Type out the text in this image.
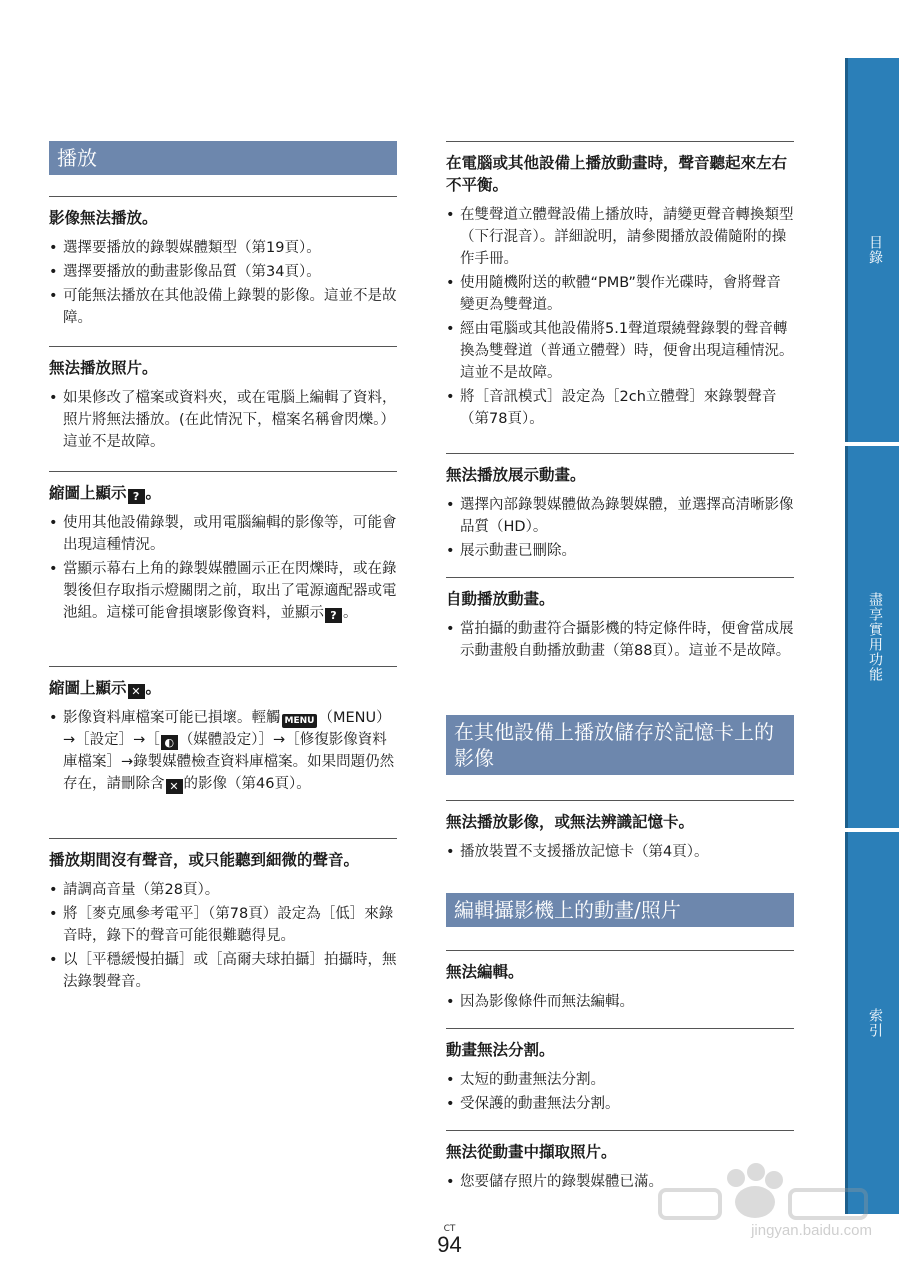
播放
影像無法播放。
• 選擇要播放的錄製媒體類型（第19頁）。
• 選擇要播放的動畫影像品質（第34頁）。
• 可能無法播放在其他設備上錄製的影像。這並不是故障。
無法播放照片。
• 如果修改了檔案或資料夾，或在電腦上編輯了資料，照片將無法播放。(在此情況下，檔案名稱會閃爍。）這並不是故障。
縮圖上顯示 ? 。
• 使用其他設備錄製，或用電腦編輯的影像等，可能會出現這種情況。
• 當顯示幕右上角的錄製媒體圖示正在閃爍時，或在錄製後但存取指示燈關閉之前，取出了電源適配器或電池組。這樣可能會損壞影像資料，並顯示 ? 。
縮圖上顯示 ✕ 。
• 影像資料庫檔案可能已損壞。輕觸 MENU （MENU）→［設定］→［ ◐ （媒體設定）］→［修復影像資料庫檔案］→錄製媒體檢查資料庫檔案。如果問題仍然存在，請刪除含 ✕ 的影像（第46頁）。
播放期間沒有聲音，或只能聽到細微的聲音。
• 請調高音量（第28頁）。
• 將［麥克風參考電平］（第78頁）設定為［低］來錄音時，錄下的聲音可能很難聽得見。
• 以［平穩緩慢拍攝］或［高爾夫球拍攝］拍攝時，無法錄製聲音。
在電腦或其他設備上播放動畫時，聲音聽起來左右不平衡。
• 在雙聲道立體聲設備上播放時，請變更聲音轉換類型（下行混音）。詳細說明，請參閱播放設備隨附的操作手冊。
• 使用隨機附送的軟體“PMB”製作光碟時，會將聲音變更為雙聲道。
• 經由電腦或其他設備將5.1聲道環繞聲錄製的聲音轉換為雙聲道（普通立體聲）時，便會出現這種情況。這並不是故障。
• 將［音訊模式］設定為［2ch立體聲］來錄製聲音（第78頁）。
無法播放展示動畫。
• 選擇內部錄製媒體做為錄製媒體，並選擇高清晰影像品質（HD）。
• 展示動畫已刪除。
自動播放動畫。
• 當拍攝的動畫符合攝影機的特定條件時，便會當成展示動畫般自動播放動畫（第88頁）。這並不是故障。
在其他設備上播放儲存於記憶卡上的影像
無法播放影像，或無法辨識記憶卡。
• 播放裝置不支援播放記憶卡（第4頁）。
編輯攝影機上的動畫/照片
無法編輯。
• 因為影像條件而無法編輯。
動畫無法分割。
• 太短的動畫無法分割。
• 受保護的動畫無法分割。
無法從動畫中擷取照片。
• 您要儲存照片的錄製媒體已滿。
目錄
盡享實用功能
索引
jingyan.baidu.com
CT
94
